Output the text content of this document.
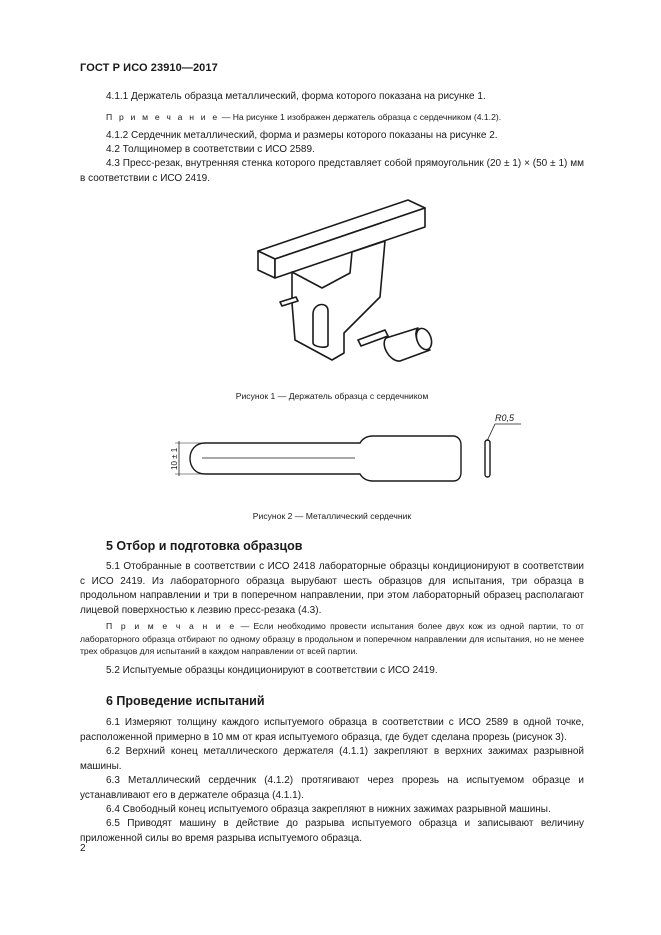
ГОСТ Р ИСО 23910—2017

4.1.1 Держатель образца металлический, форма которого показана на рисунке 1.

П р и м е ч а н и е — На рисунке 1 изображен держатель образца с сердечником (4.1.2).

4.1.2 Сердечник металлический, форма и размеры которого показаны на рисунке 2.

4.2 Толщиномер в соответствии с ИСО 2589.

4.3 Пресс-резак, внутренняя стенка которого представляет собой прямоугольник (20 ± 1) × (50 ± 1) мм в соответствии с ИСО 2419.

Рисунок 1 — Держатель образца с сердечником
10 ± 1
R0,5
Рисунок 2 — Металлический сердечник
5 Отбор и подготовка образцов

5.1 Отобранные в соответствии с ИСО 2418 лабораторные образцы кондиционируют в соответствии с ИСО 2419. Из лабораторного образца вырубают шесть образцов для испытания, три образца в продольном направлении и три в поперечном направлении, при этом лабораторный образец располагают лицевой поверхностью к лезвию пресс-резака (4.3).

П р и м е ч а н и е — Если необходимо провести испытания более двух кож из одной партии, то от лабораторного образца отбирают по одному образцу в продольном и поперечном направлении для испытания, но не менее трех образцов для испытаний в каждом направлении от всей партии.

5.2 Испытуемые образцы кондиционируют в соответствии с ИСО 2419.

6 Проведение испытаний

6.1 Измеряют толщину каждого испытуемого образца в соответствии с ИСО 2589 в одной точке, расположенной примерно в 10 мм от края испытуемого образца, где будет сделана прорезь (рисунок 3).

6.2 Верхний конец металлического держателя (4.1.1) закрепляют в верхних зажимах разрывной машины.

6.3 Металлический сердечник (4.1.2) протягивают через прорезь на испытуемом образце и устанавливают его в держателе образца (4.1.1).

6.4 Свободный конец испытуемого образца закрепляют в нижних зажимах разрывной машины.

6.5 Приводят машину в действие до разрыва испытуемого образца и записывают величину приложенной силы во время разрыва испытуемого образца.

2
